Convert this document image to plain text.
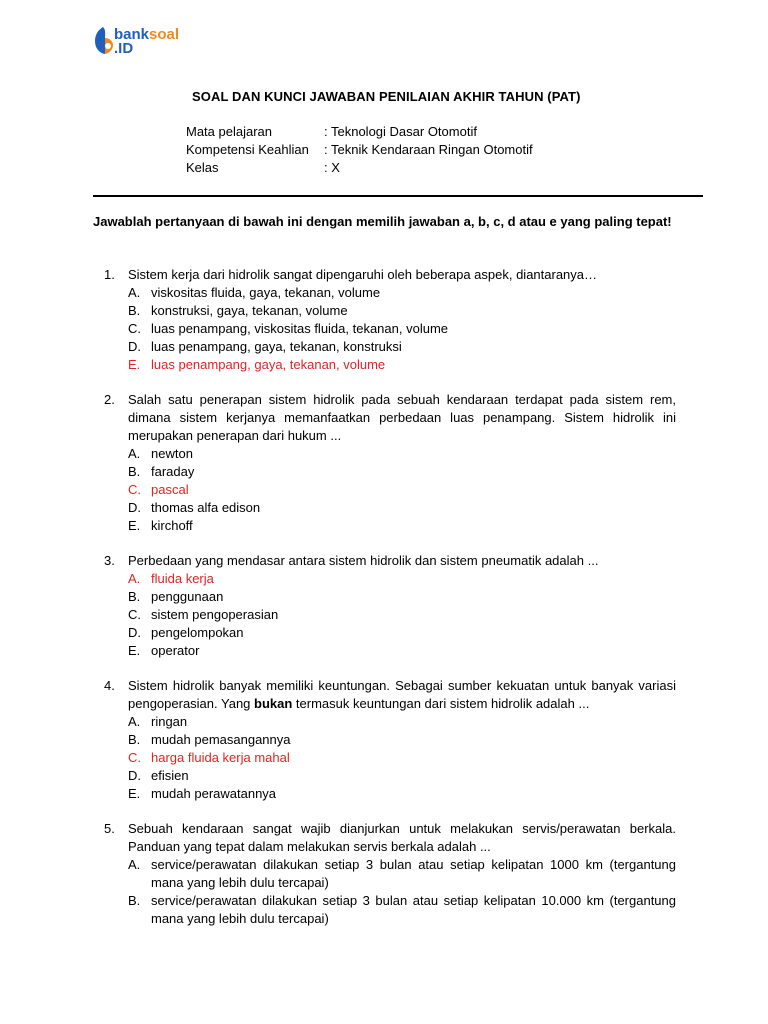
banksoal
.ID
SOAL DAN KUNCI JAWABAN PENILAIAN AKHIR TAHUN (PAT)
Mata pelajaran	: Teknologi Dasar Otomotif
Kompetensi Keahlian	: Teknik Kendaraan Ringan Otomotif
Kelas	: X
Jawablah pertanyaan di bawah ini dengan memilih jawaban a, b, c, d atau e yang paling tepat!
1.	Sistem kerja dari hidrolik sangat dipengaruhi oleh beberapa aspek, diantaranya…
A. viskositas fluida, gaya, tekanan, volume
B. konstruksi, gaya, tekanan, volume
C. luas penampang, viskositas fluida, tekanan, volume
D. luas penampang, gaya, tekanan, konstruksi
E. luas penampang, gaya, tekanan, volume
2.	Salah satu penerapan sistem hidrolik pada sebuah kendaraan terdapat pada sistem rem, dimana sistem kerjanya memanfaatkan perbedaan luas penampang. Sistem hidrolik ini merupakan penerapan dari hukum ...
A. newton
B. faraday
C. pascal
D. thomas alfa edison
E. kirchoff
3.	Perbedaan yang mendasar antara sistem hidrolik dan sistem pneumatik adalah ...
A. fluida kerja
B. penggunaan
C. sistem pengoperasian
D. pengelompokan
E. operator
4.	Sistem hidrolik banyak memiliki keuntungan. Sebagai sumber kekuatan untuk banyak variasi pengoperasian. Yang bukan termasuk keuntungan dari sistem hidrolik adalah ...
A. ringan
B. mudah pemasangannya
C. harga fluida kerja mahal
D. efisien
E. mudah perawatannya
5.	Sebuah kendaraan sangat wajib dianjurkan untuk melakukan servis/perawatan berkala. Panduan yang tepat dalam melakukan servis berkala adalah ...
A. service/perawatan dilakukan setiap 3 bulan atau setiap kelipatan 1000 km (tergantung mana yang lebih dulu tercapai)
B. service/perawatan dilakukan setiap 3 bulan atau setiap kelipatan 10.000 km (tergantung mana yang lebih dulu tercapai)
